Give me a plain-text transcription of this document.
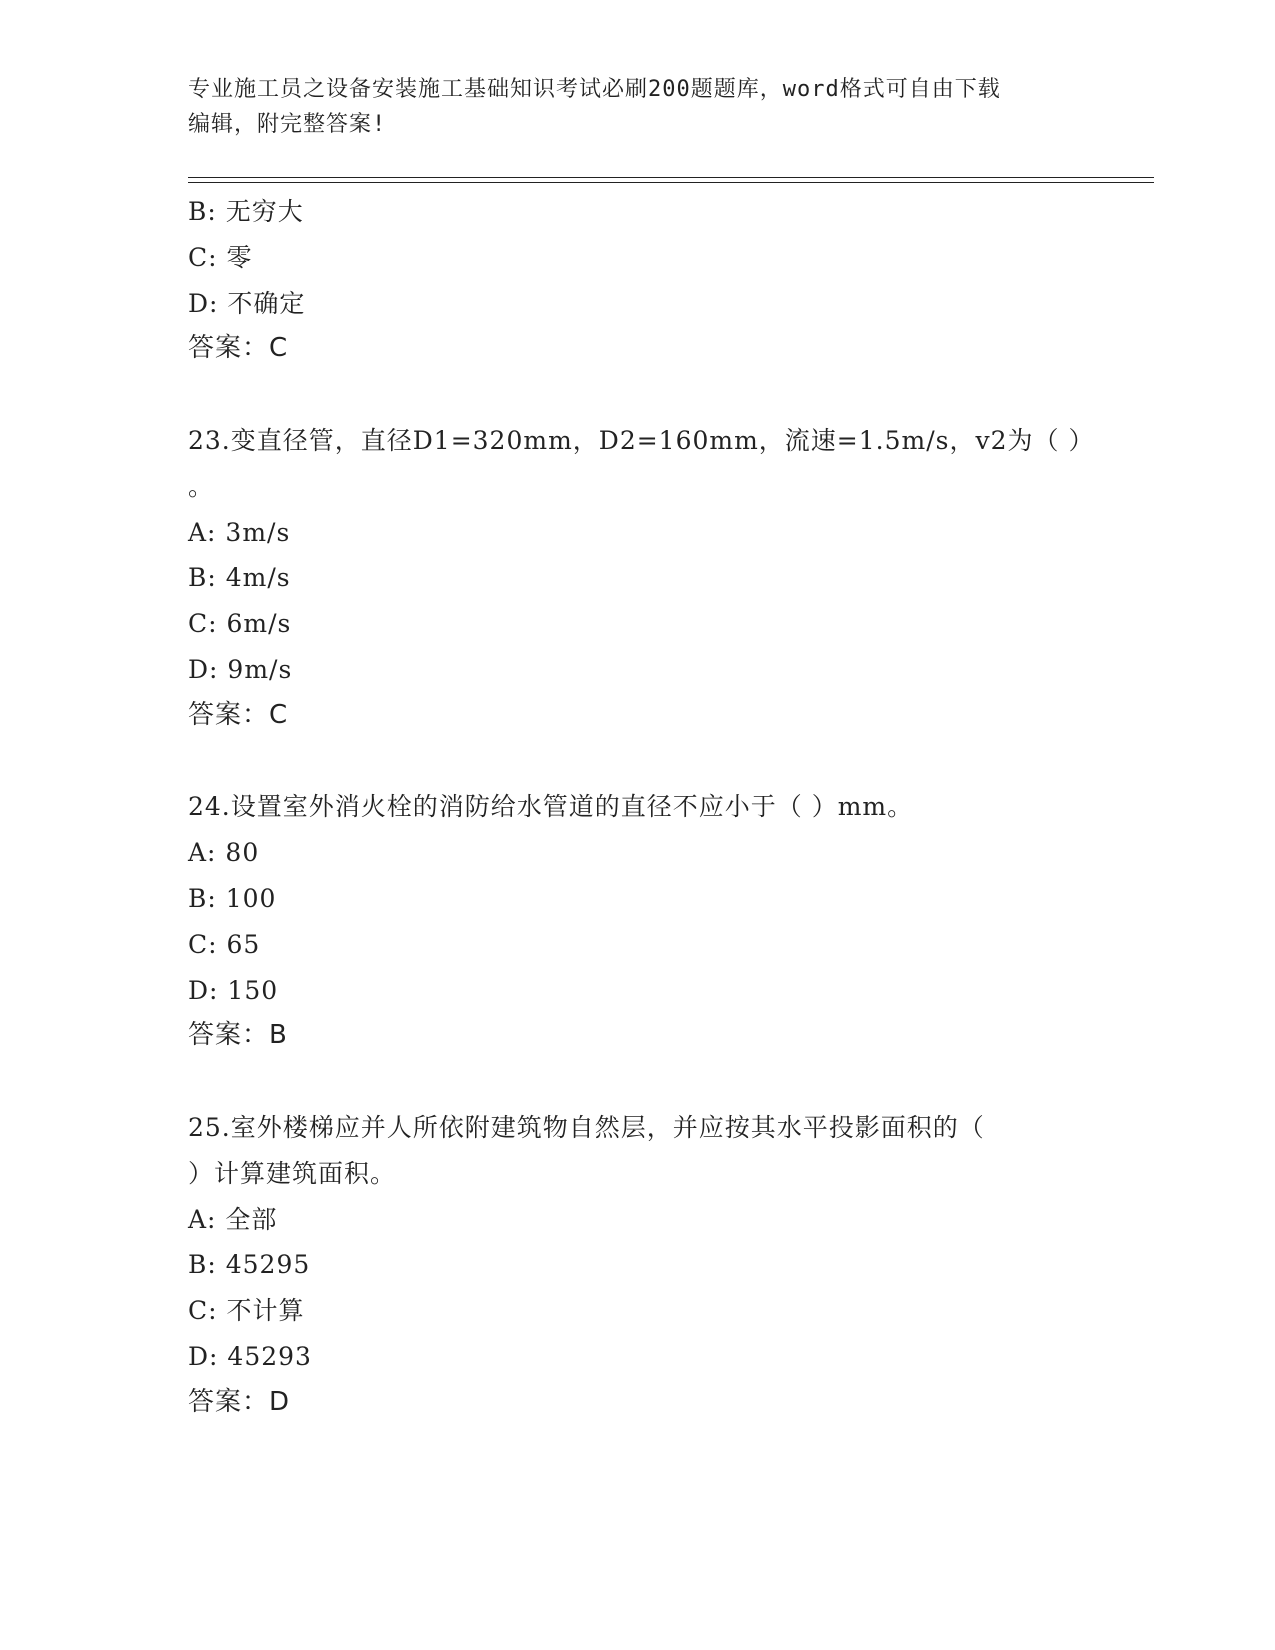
专业施工员之设备安装施工基础知识考试必刷200题题库，word格式可自由下载
编辑，附完整答案!
B: 无穷大
C: 零
D: 不确定
答案：C
23.变直径管，直径D1=320mm，D2=160mm，流速=1.5m/s，v2为（ ）
。
A: 3m/s
B: 4m/s
C: 6m/s
D: 9m/s
答案：C
24.设置室外消火栓的消防给水管道的直径不应小于（ ）mm。
A: 80
B: 100
C: 65
D: 150
答案：B
25.室外楼梯应并人所依附建筑物自然层，并应按其水平投影面积的（
）计算建筑面积。
A: 全部
B: 45295
C: 不计算
D: 45293
答案：D
